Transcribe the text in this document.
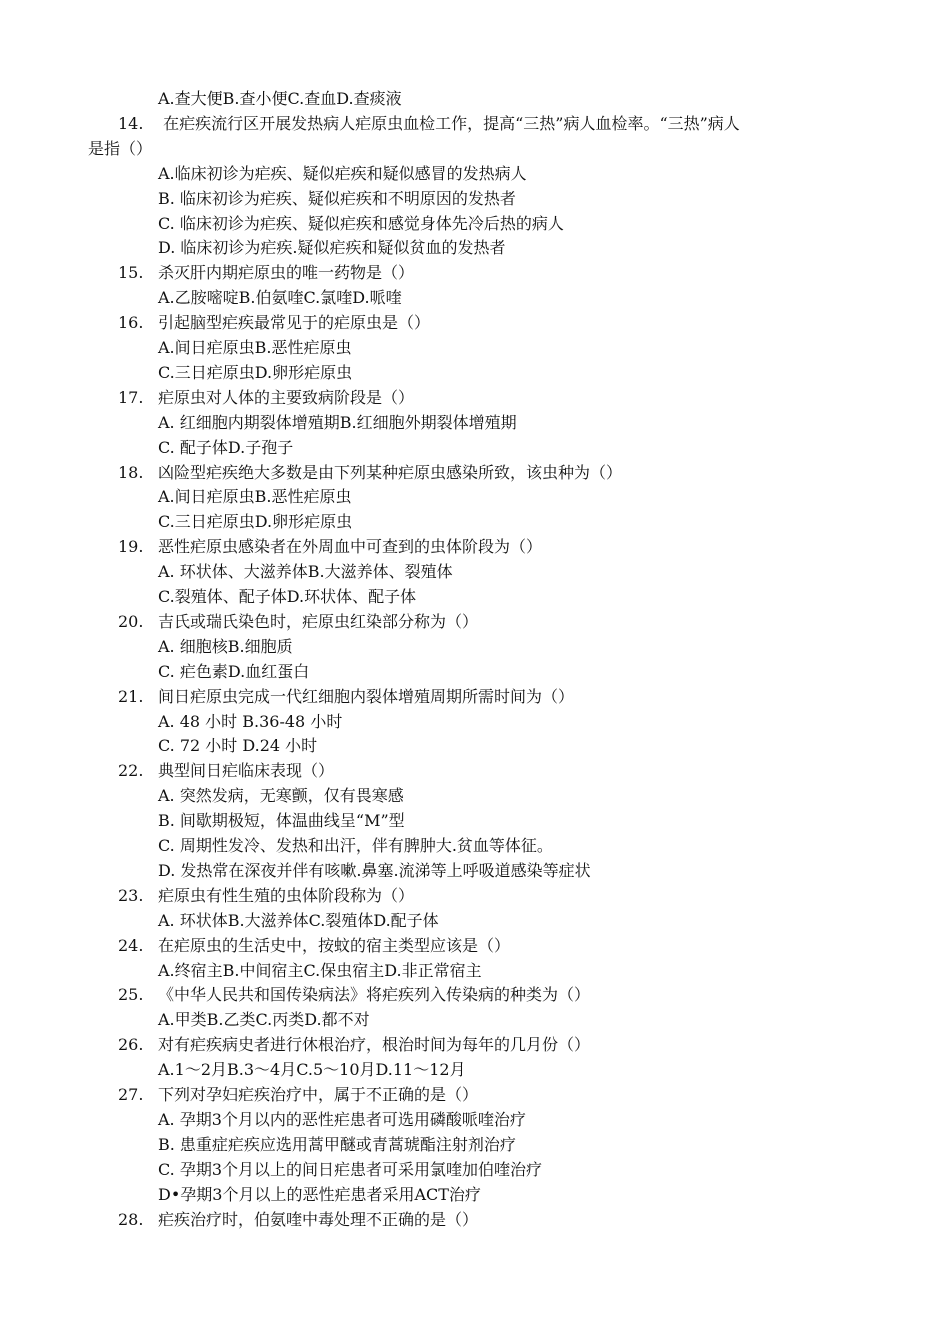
A.查大便B.查小便C.查血D.查痰液
14. 在疟疾流行区开展发热病人疟原虫血检工作，提高“三热”病人血检率。“三热”病人
是指（）
A.临床初诊为疟疾、疑似疟疾和疑似感冒的发热病人
B. 临床初诊为疟疾、疑似疟疾和不明原因的发热者
C. 临床初诊为疟疾、疑似疟疾和感觉身体先冷后热的病人
D. 临床初诊为疟疾.疑似疟疾和疑似贫血的发热者
15. 杀灭肝内期疟原虫的唯一药物是（）
A.乙胺嘧啶B.伯氨喹C.氯喹D.哌喹
16. 引起脑型疟疾最常见于的疟原虫是（）
A.间日疟原虫B.恶性疟原虫
C.三日疟原虫D.卵形疟原虫
17. 疟原虫对人体的主要致病阶段是（）
A. 红细胞内期裂体增殖期B.红细胞外期裂体增殖期
C. 配子体D.子孢子
18. 凶险型疟疾绝大多数是由下列某种疟原虫感染所致，该虫种为（）
A.间日疟原虫B.恶性疟原虫
C.三日疟原虫D.卵形疟原虫
19. 恶性疟原虫感染者在外周血中可查到的虫体阶段为（）
A. 环状体、大滋养体B.大滋养体、裂殖体
C.裂殖体、配子体D.环状体、配子体
20. 吉氏或瑞氏染色时，疟原虫红染部分称为（）
A. 细胞核B.细胞质
C. 疟色素D.血红蛋白
21. 间日疟原虫完成一代红细胞内裂体增殖周期所需时间为（）
A. 48 小时 B.36-48 小时
C. 72 小时 D.24 小时
22. 典型间日疟临床表现（）
A. 突然发病，无寒颤，仅有畏寒感
B. 间歇期极短，体温曲线呈“M”型
C. 周期性发冷、发热和出汗，伴有脾肿大.贫血等体征。
D. 发热常在深夜并伴有咳嗽.鼻塞.流涕等上呼吸道感染等症状
23. 疟原虫有性生殖的虫体阶段称为（）
A. 环状体B.大滋养体C.裂殖体D.配子体
24. 在疟原虫的生活史中，按蚊的宿主类型应该是（）
A.终宿主B.中间宿主C.保虫宿主D.非正常宿主
25. 《中华人民共和国传染病法》将疟疾列入传染病的种类为（）
A.甲类B.乙类C.丙类D.都不对
26. 对有疟疾病史者进行休根治疗，根治时间为每年的几月份（）
A.1〜2月B.3〜4月C.5〜10月D.11〜12月
27. 下列对孕妇疟疾治疗中，属于不正确的是（）
A. 孕期3个月以内的恶性疟患者可选用磷酸哌喹治疗
B. 患重症疟疾应选用蒿甲醚或青蒿琥酯注射剂治疗
C. 孕期3个月以上的间日疟患者可采用氯喹加伯喹治疗
D•孕期3个月以上的恶性疟患者采用ACT治疗
28. 疟疾治疗时，伯氨喹中毒处理不正确的是（）
